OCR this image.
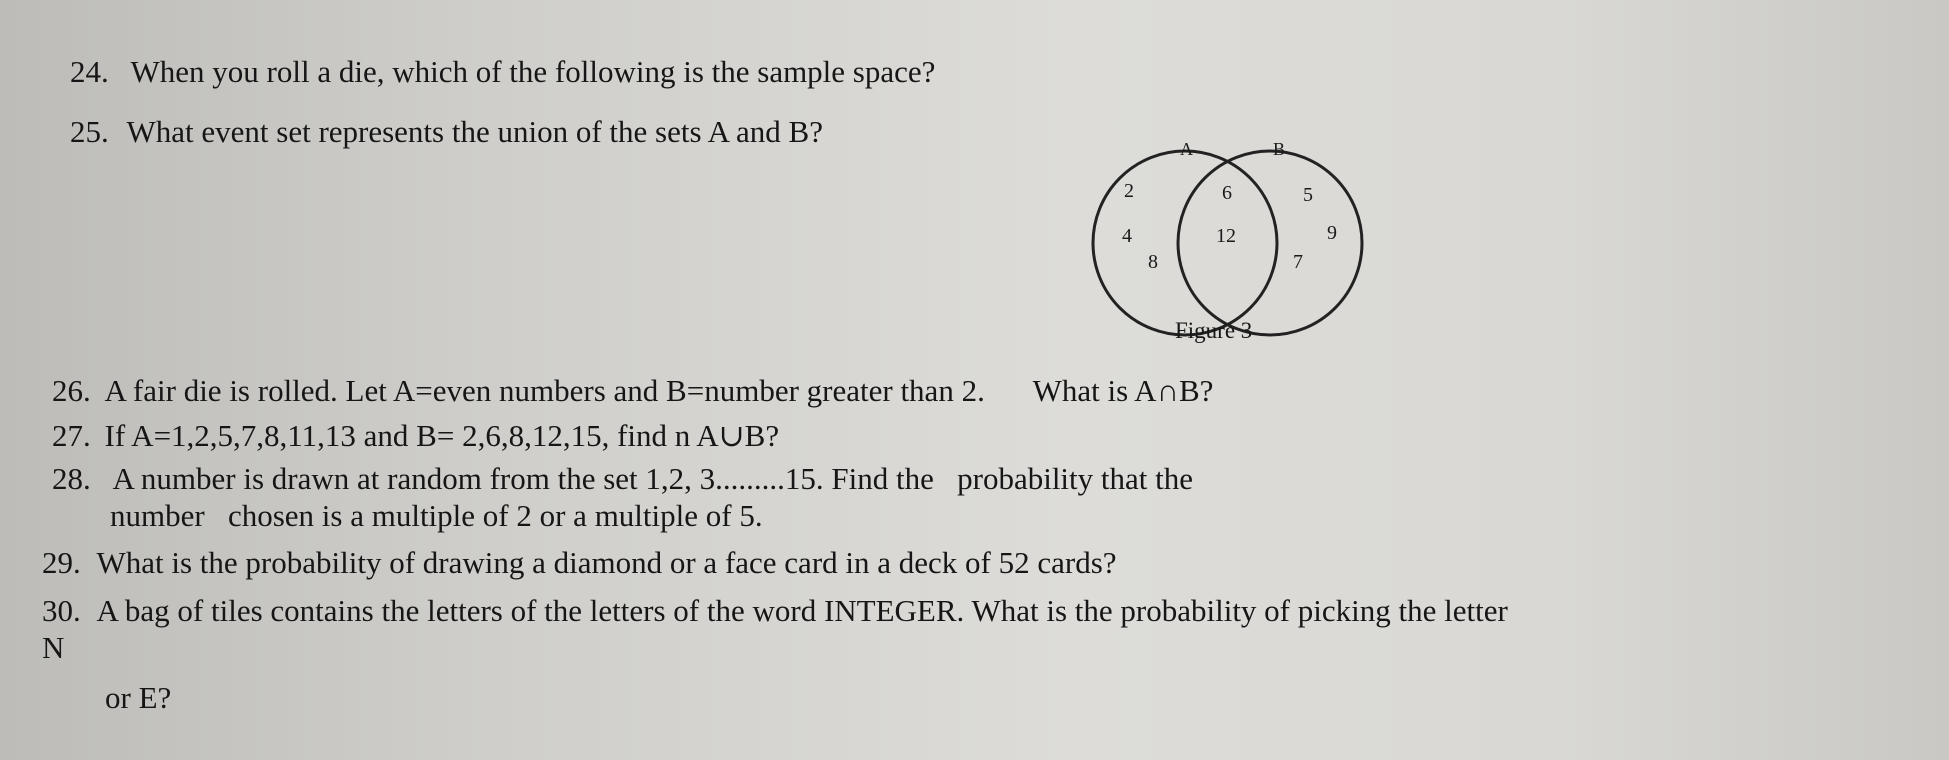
24. When you roll a die, which of the following is the sample space?
25. What event set represents the union of the sets A and B?	A	B
2
4
8
6
12
5
9
7
Figure 3
26. A fair die is rolled. Let A=even numbers and B=number greater than 2. What is A∩B?
27. If A=1,2,5,7,8,11,13 and B= 2,6,8,12,15, find n A∪B?
28. A number is drawn at random from the set 1,2, 3.........15. Find the   probability that the
number   chosen is a multiple of 2 or a multiple of 5.
29. What is the probability of drawing a diamond or a face card in a deck of 52 cards?
30. A bag of tiles contains the letters of the letters of the word INTEGER. What is the probability of picking the letter
N
or E?
